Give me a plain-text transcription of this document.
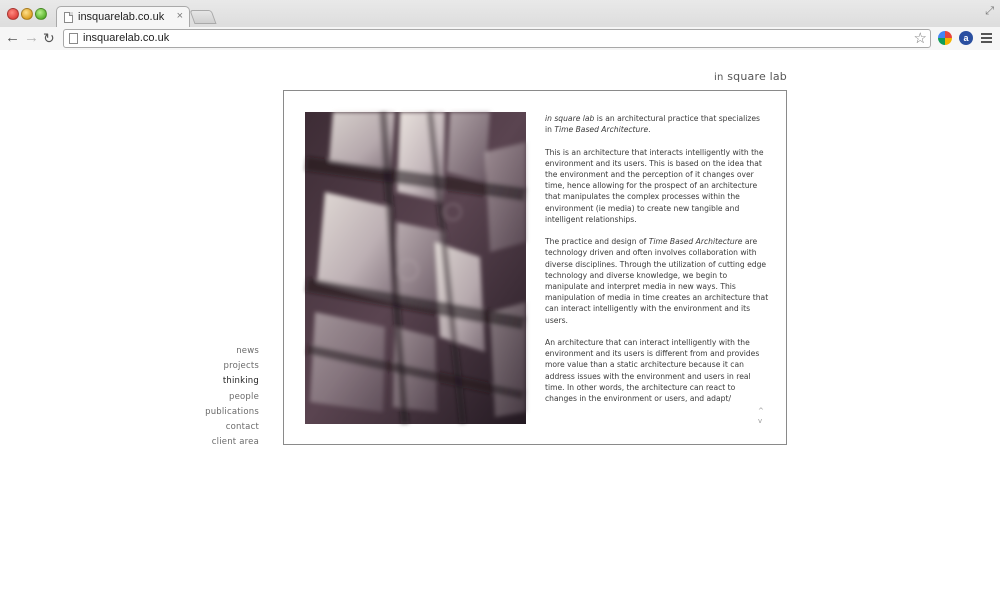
insquarelab.co.uk ×	⤢
← → ↻	insquarelab.co.uk	☆	a
in square lab
news
projects
thinking
people
publications
contact
client area

in square lab is an architectural practice that specializes in Time Based Architecture.

This is an architecture that interacts intelligently with the environment and its users. This is based on the idea that the environment and the perception of it changes over time, hence allowing for the prospect of an architecture that manipulates the complex processes within the environment (ie media) to create new tangible and intelligent relationships.

The practice and design of Time Based Architecture are technology driven and often involves collaboration with diverse disciplines. Through the utilization of cutting edge technology and diverse knowledge, we begin to manipulate and interpret media in new ways. This manipulation of media in time creates an architecture that can interact intelligently with the environment and its users.

An architecture that can interact intelligently with the environment and its users is different from and provides more value than a static architecture because it can address issues with the environment and users in real time. In other words, the architecture can react to changes in the environment or users, and adapt/

^
v
